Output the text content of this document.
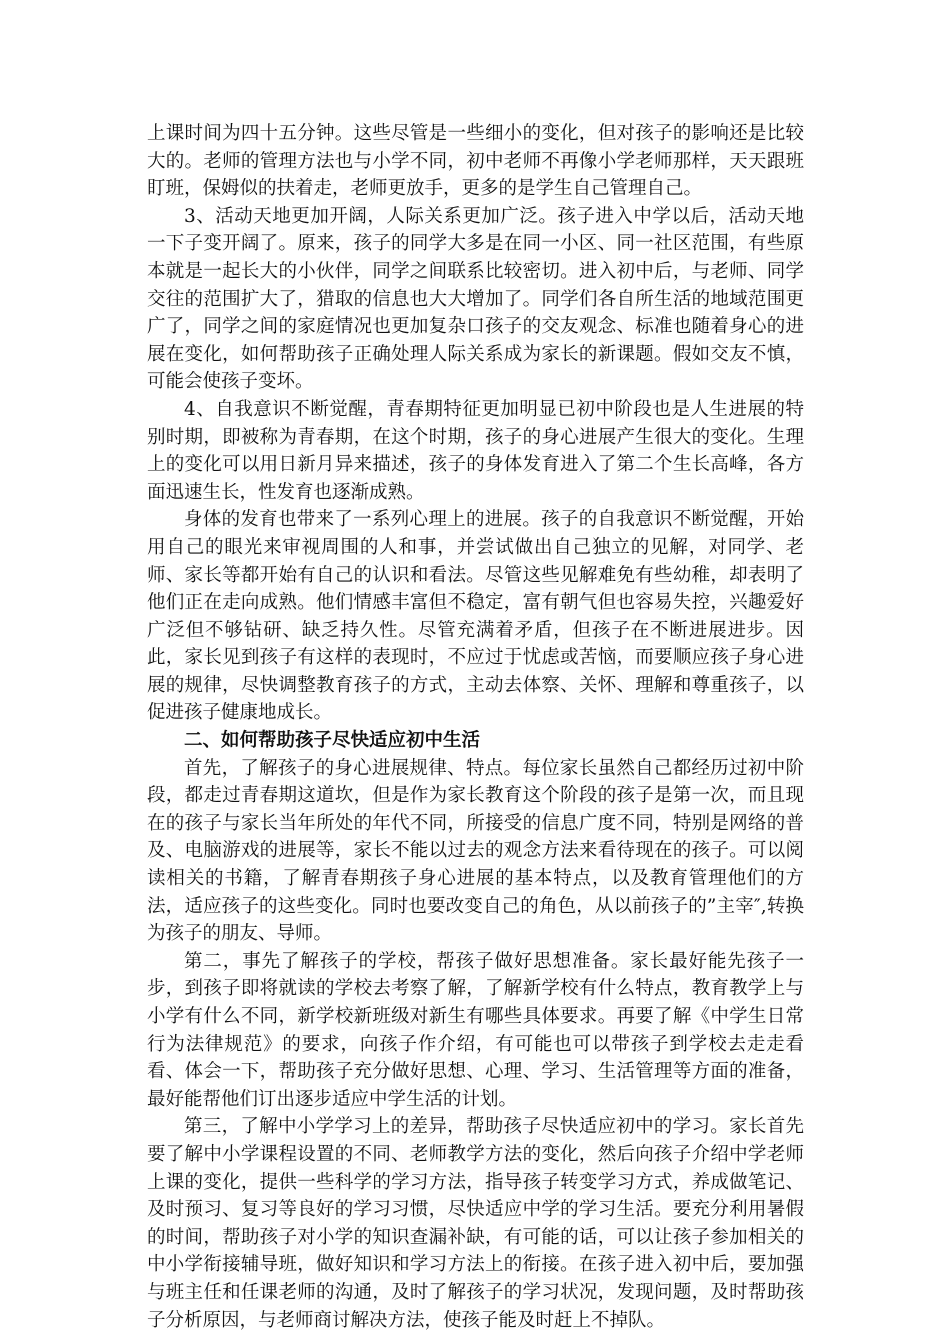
上课时间为四十五分钟。这些尽管是一些细小的变化，但对孩子的影响还是比较大的。老师的管理方法也与小学不同，初中老师不再像小学老师那样，天天跟班盯班，保姆似的扶着走，老师更放手，更多的是学生自己管理自己。

3、活动天地更加开阔，人际关系更加广泛。孩子进入中学以后，活动天地一下子变开阔了。原来，孩子的同学大多是在同一小区、同一社区范围，有些原本就是一起长大的小伙伴，同学之间联系比较密切。进入初中后，与老师、同学交往的范围扩大了，猎取的信息也大大增加了。同学们各自所生活的地域范围更广了，同学之间的家庭情况也更加复杂口孩子的交友观念、标准也随着身心的进展在变化，如何帮助孩子正确处理人际关系成为家长的新课题。假如交友不慎，可能会使孩子变坏。

4、自我意识不断觉醒，青春期特征更加明显已初中阶段也是人生进展的特别时期，即被称为青春期，在这个时期，孩子的身心进展产生很大的变化。生理上的变化可以用日新月异来描述，孩子的身体发育进入了第二个生长高峰，各方面迅速生长，性发育也逐渐成熟。

身体的发育也带来了一系列心理上的进展。孩子的自我意识不断觉醒，开始用自己的眼光来审视周围的人和事，并尝试做出自己独立的见解，对同学、老师、家长等都开始有自己的认识和看法。尽管这些见解难免有些幼稚，却表明了他们正在走向成熟。他们情感丰富但不稳定，富有朝气但也容易失控，兴趣爱好广泛但不够钻研、缺乏持久性。尽管充满着矛盾，但孩子在不断进展进步。因此，家长见到孩子有这样的表现时，不应过于忧虑或苦恼，而要顺应孩子身心进展的规律，尽快调整教育孩子的方式，主动去体察、关怀、理解和尊重孩子，以促进孩子健康地成长。

二、如何帮助孩子尽快适应初中生活

首先，了解孩子的身心进展规律、特点。每位家长虽然自己都经历过初中阶段，都走过青春期这道坎，但是作为家长教育这个阶段的孩子是第一次，而且现在的孩子与家长当年所处的年代不同，所接受的信息广度不同，特别是网络的普及、电脑游戏的进展等，家长不能以过去的观念方法来看待现在的孩子。可以阅读相关的书籍，了解青春期孩子身心进展的基本特点，以及教育管理他们的方法，适应孩子的这些变化。同时也要改变自己的角色，从以前孩子的”主宰″,转换为孩子的朋友、导师。

第二，事先了解孩子的学校，帮孩子做好思想准备。家长最好能先孩子一步，到孩子即将就读的学校去考察了解，了解新学校有什么特点，教育教学上与小学有什么不同，新学校新班级对新生有哪些具体要求。再要了解《中学生日常行为法律规范》的要求，向孩子作介绍，有可能也可以带孩子到学校去走走看看、体会一下，帮助孩子充分做好思想、心理、学习、生活管理等方面的准备，最好能帮他们订出逐步适应中学生活的计划。

第三，了解中小学学习上的差异，帮助孩子尽快适应初中的学习。家长首先要了解中小学课程设置的不同、老师教学方法的变化，然后向孩子介绍中学老师上课的变化，提供一些科学的学习方法，指导孩子转变学习方式，养成做笔记、及时预习、复习等良好的学习习惯，尽快适应中学的学习生活。要充分利用暑假的时间，帮助孩子对小学的知识查漏补缺，有可能的话，可以让孩子参加相关的中小学衔接辅导班，做好知识和学习方法上的衔接。在孩子进入初中后，要加强与班主任和任课老师的沟通，及时了解孩子的学习状况，发现问题，及时帮助孩子分析原因，与老师商讨解决方法，使孩子能及时赶上不掉队。
